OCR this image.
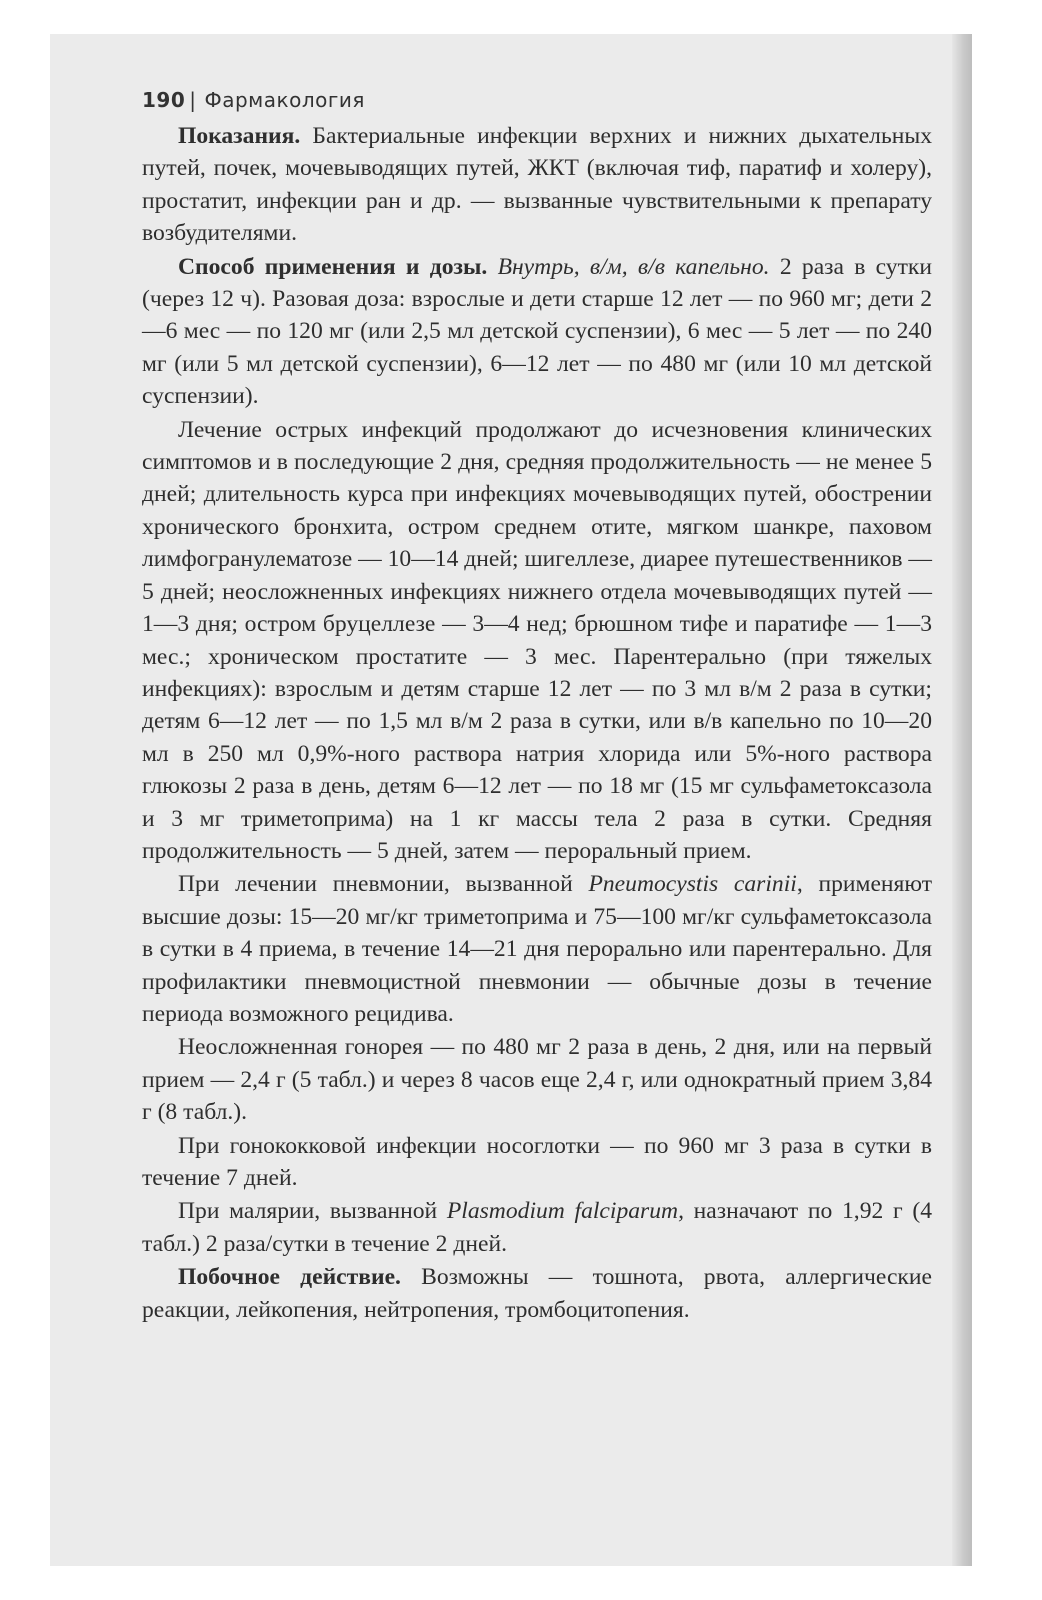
190 | Фармакология

Показания. Бактериальные инфекции верхних и нижних дыхательных путей, почек, мочевыводящих путей, ЖКТ (включая тиф, паратиф и холеру), простатит, инфекции ран и др. — вызванные чувствительными к препарату возбудителями.

Способ применения и дозы. Внутрь, в/м, в/в капельно. 2 раза в сутки (через 12 ч). Разовая доза: взрослые и дети старше 12 лет — по 960 мг; дети 2—6 мес — по 120 мг (или 2,5 мл детской суспензии), 6 мес — 5 лет — по 240 мг (или 5 мл детской суспензии), 6—12 лет — по 480 мг (или 10 мл детской суспензии).

Лечение острых инфекций продолжают до исчезновения клинических симптомов и в последующие 2 дня, средняя продолжительность — не менее 5 дней; длительность курса при инфекциях мочевыводящих путей, обострении хронического бронхита, остром среднем отите, мягком шанкре, паховом лимфогранулематозе — 10—14 дней; шигеллезе, диарее путешественников — 5 дней; неосложненных инфекциях нижнего отдела мочевыводящих путей — 1—3 дня; остром бруцеллезе — 3—4 нед; брюшном тифе и паратифе — 1—3 мес.; хроническом простатите — 3 мес. Парентерально (при тяжелых инфекциях): взрослым и детям старше 12 лет — по 3 мл в/м 2 раза в сутки; детям 6—12 лет — по 1,5 мл в/м 2 раза в сутки, или в/в капельно по 10—20 мл в 250 мл 0,9%-ного раствора натрия хлорида или 5%-ного раствора глюкозы 2 раза в день, детям 6—12 лет — по 18 мг (15 мг сульфаметоксазола и 3 мг триметоприма) на 1 кг массы тела 2 раза в сутки. Средняя продолжительность — 5 дней, затем — пероральный прием.

При лечении пневмонии, вызванной Pneumocystis carinii, применяют высшие дозы: 15—20 мг/кг триметоприма и 75—100 мг/кг сульфаметоксазола в сутки в 4 приема, в течение 14—21 дня перорально или парентерально. Для профилактики пневмоцистной пневмонии — обычные дозы в течение периода возможного рецидива.

Неосложненная гонорея — по 480 мг 2 раза в день, 2 дня, или на первый прием — 2,4 г (5 табл.) и через 8 часов еще 2,4 г, или однократный прием 3,84 г (8 табл.).

При гонококковой инфекции носоглотки — по 960 мг 3 раза в сутки в течение 7 дней.

При малярии, вызванной Plasmodium falciparum, назначают по 1,92 г (4 табл.) 2 раза/сутки в течение 2 дней.

Побочное действие. Возможны — тошнота, рвота, аллергические реакции, лейкопения, нейтропения, тромбоцитопения.
